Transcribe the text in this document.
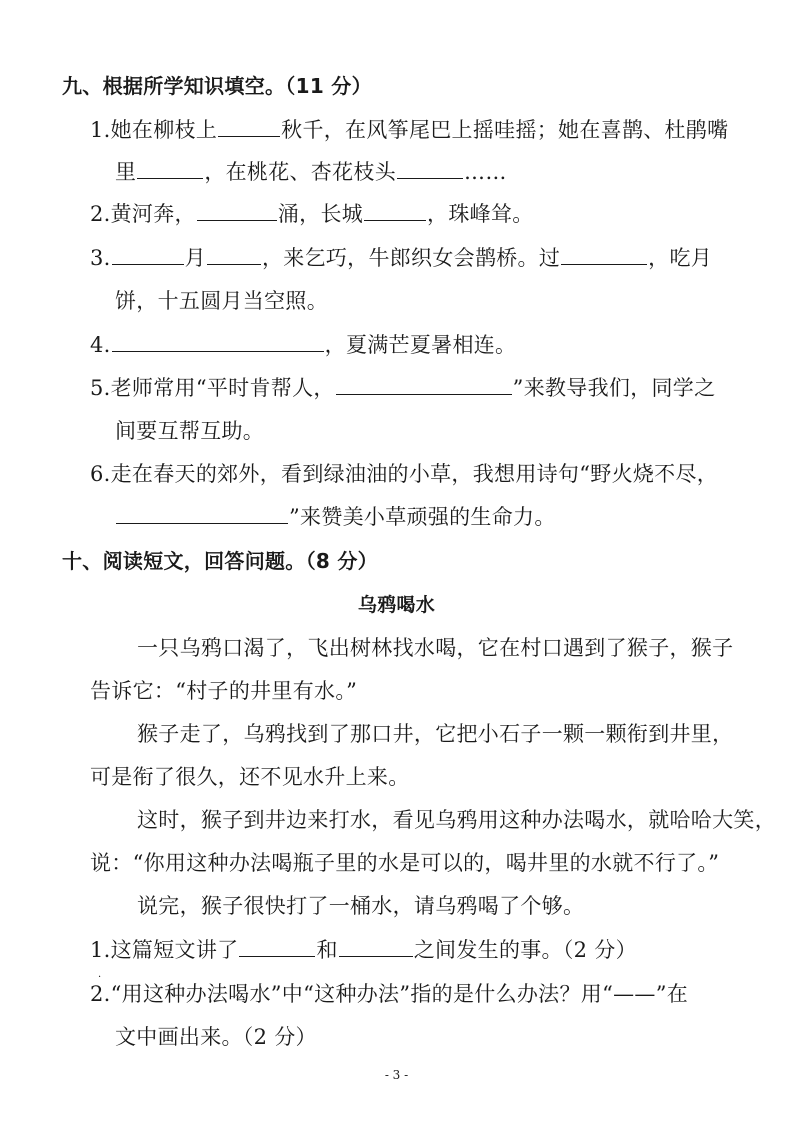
九、根据所学知识填空。（11 分）
1.她在柳枝上	秋千，在风筝尾巴上摇哇摇；她在喜鹊、杜鹃嘴
里	，在桃花、杏花枝头	……
2.黄河奔，	涌，长城	，珠峰耸。
3.	月	，来乞巧，牛郎织女会鹊桥。过	，吃月
饼，十五圆月当空照。
4.	，夏满芒夏暑相连。
5.老师常用“平时肯帮人，	”来教导我们，同学之
间要互帮互助。
6.走在春天的郊外，看到绿油油的小草，我想用诗句“野火烧不尽，
”来赞美小草顽强的生命力。
十、阅读短文，回答问题。（8 分）
乌鸦喝水
一只乌鸦口渴了，飞出树林找水喝，它在村口遇到了猴子，猴子
告诉它：“村子的井里有水。”
猴子走了，乌鸦找到了那口井，它把小石子一颗一颗衔到井里，
可是衔了很久，还不见水升上来。
这时，猴子到井边来打水，看见乌鸦用这种办法喝水，就哈哈大笑，
说：“你用这种办法喝瓶子里的水是可以的，喝井里的水就不行了。”
说完，猴子很快打了一桶水，请乌鸦喝了个够。
1.这篇短文讲了	和	之间发生的事。（2 分）
·
2.“用这种办法喝水”中“这种办法”指的是什么办法？用“——”在
文中画出来。（2 分）
- 3 -
